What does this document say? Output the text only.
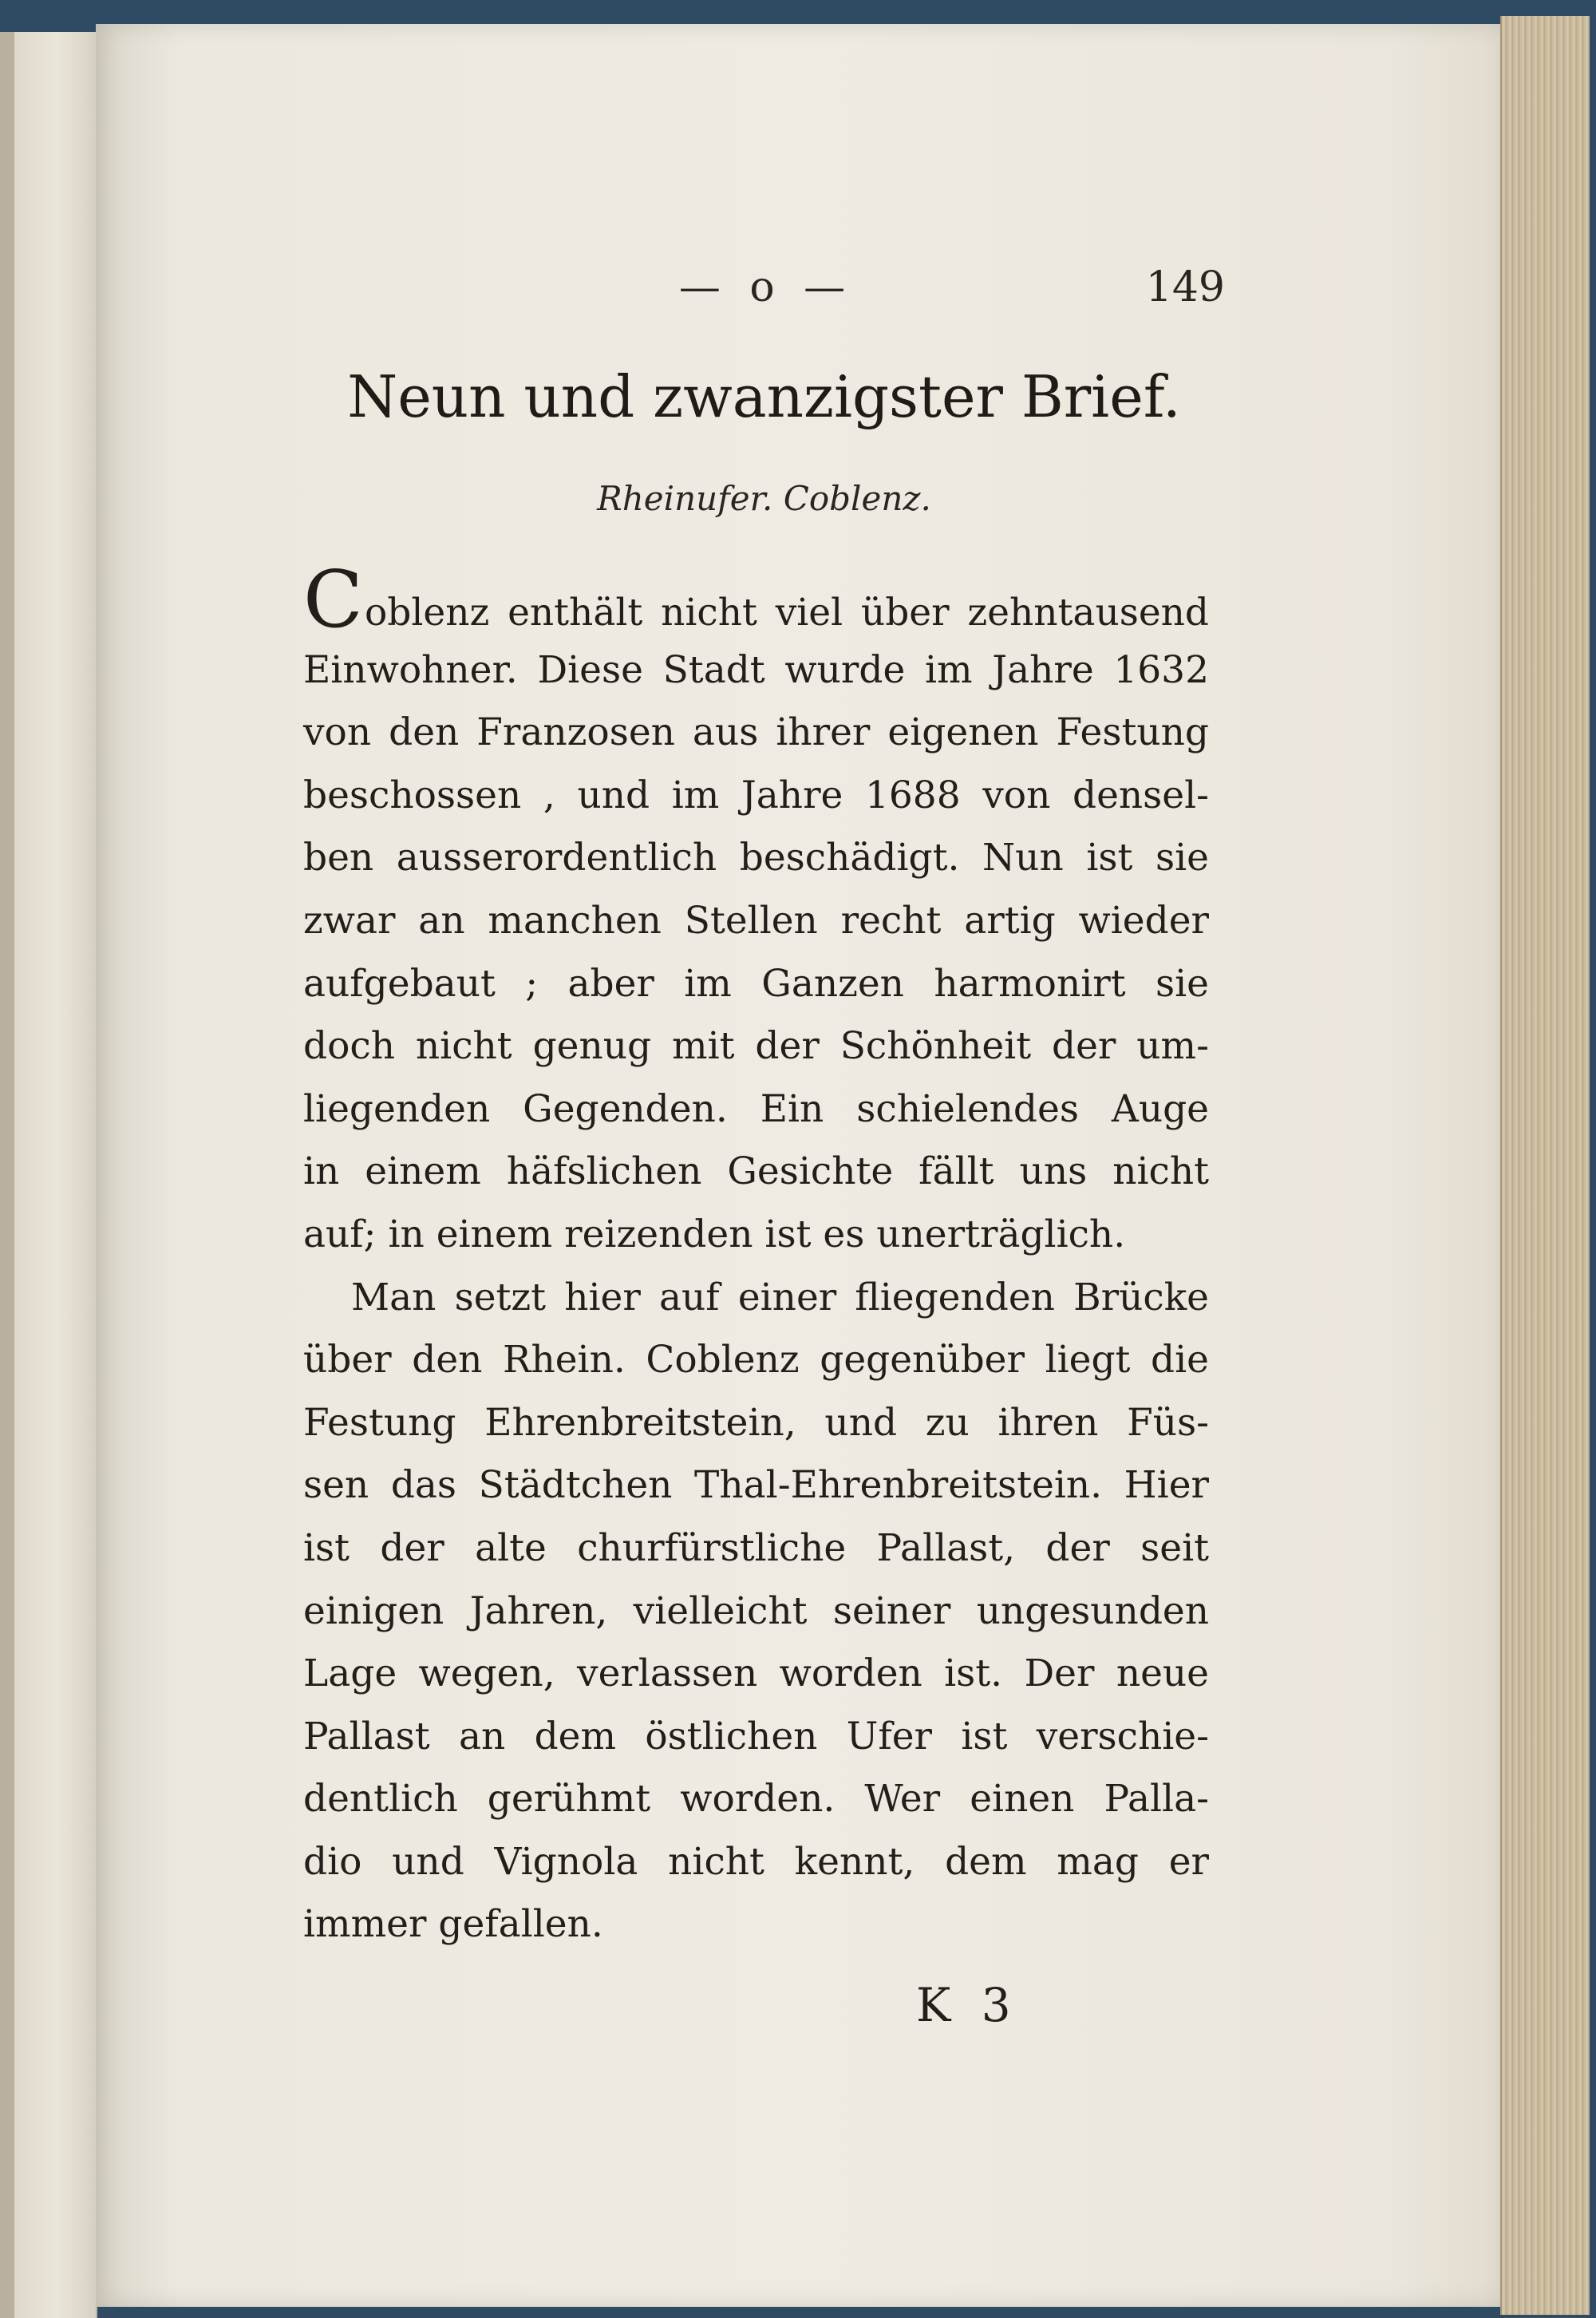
— o —	149
Neun und zwanzigster Brief.
Rheinufer. Coblenz.
Coblenz enthält nicht viel über zehntausend
Einwohner. Diese Stadt wurde im Jahre 1632
von den Franzosen aus ihrer eigenen Festung
beschossen , und im Jahre 1688 von densel-
ben ausserordentlich beschädigt. Nun ist sie
zwar an manchen Stellen recht artig wieder
aufgebaut ; aber im Ganzen harmonirt sie
doch nicht genug mit der Schönheit der um-
liegenden Gegenden. Ein schielendes Auge
in einem häfslichen Gesichte fällt uns nicht
auf; in einem reizenden ist es unerträglich.
Man setzt hier auf einer fliegenden Brücke
über den Rhein. Coblenz gegenüber liegt die
Festung Ehrenbreitstein, und zu ihren Füs-
sen das Städtchen Thal-Ehrenbreitstein. Hier
ist der alte churfürstliche Pallast, der seit
einigen Jahren, vielleicht seiner ungesunden
Lage wegen, verlassen worden ist. Der neue
Pallast an dem östlichen Ufer ist verschie-
dentlich gerühmt worden. Wer einen Palla-
dio und Vignola nicht kennt, dem mag er
immer gefallen.
K 3
